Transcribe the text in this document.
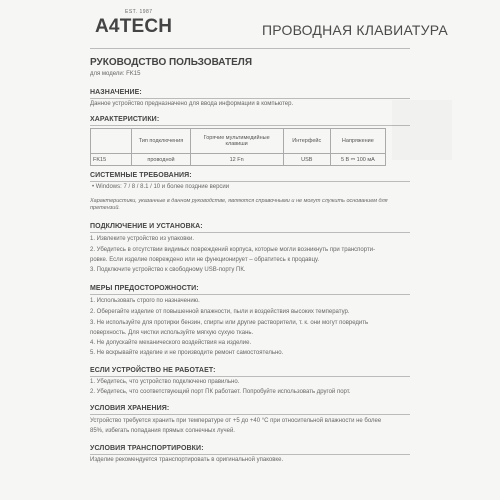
EST. 1987
A4TECH	ПРОВОДНАЯ КЛАВИАТУРА
РУКОВОДСТВО ПОЛЬЗОВАТЕЛЯ
для модели: FK15
НАЗНАЧЕНИЕ:
Данное устройство предназначено для ввода информации в компьютер.
ХАРАКТЕРИСТИКИ:
	Тип подключения	Горячие мультимедийные клавиши	Интерфейс	Напряжение
FK15	проводной	12 Fn	USB	5 В ⎓ 100 мА
СИСТЕМНЫЕ ТРЕБОВАНИЯ:
• Windows: 7 / 8 / 8.1 / 10 и более поздние версии
Характеристики, указанные в данном руководстве, являются справочными и не могут служить основанием для
претензий.
ПОДКЛЮЧЕНИЕ И УСТАНОВКА:
1. Извлеките устройство из упаковки.
2. Убедитесь в отсутствии видимых повреждений корпуса, которые могли возникнуть при транспорти-
ровке. Если изделие повреждено или не функционирует – обратитесь к продавцу.
3. Подключите устройство к свободному USB-порту ПК.
МЕРЫ ПРЕДОСТОРОЖНОСТИ:
1. Использовать строго по назначению.
2. Оберегайте изделие от повышенной влажности, пыли и воздействия высоких температур.
3. Не используйте для протирки бензин, спирты или другие растворители, т. к. они могут повредить
поверхность. Для чистки используйте мягкую сухую ткань.
4. Не допускайте механического воздействия на изделие.
5. Не вскрывайте изделие и не производите ремонт самостоятельно.
ЕСЛИ УСТРОЙСТВО НЕ РАБОТАЕТ:
1. Убедитесь, что устройство подключено правильно.
2. Убедитесь, что соответствующий порт ПК работает. Попробуйте использовать другой порт.
УСЛОВИЯ ХРАНЕНИЯ:
Устройство требуется хранить при температуре от +5 до +40 °С при относительной влажности не более
85%, избегать попадания прямых солнечных лучей.
УСЛОВИЯ ТРАНСПОРТИРОВКИ:
Изделие рекомендуется транспортировать в оригинальной упаковке.
